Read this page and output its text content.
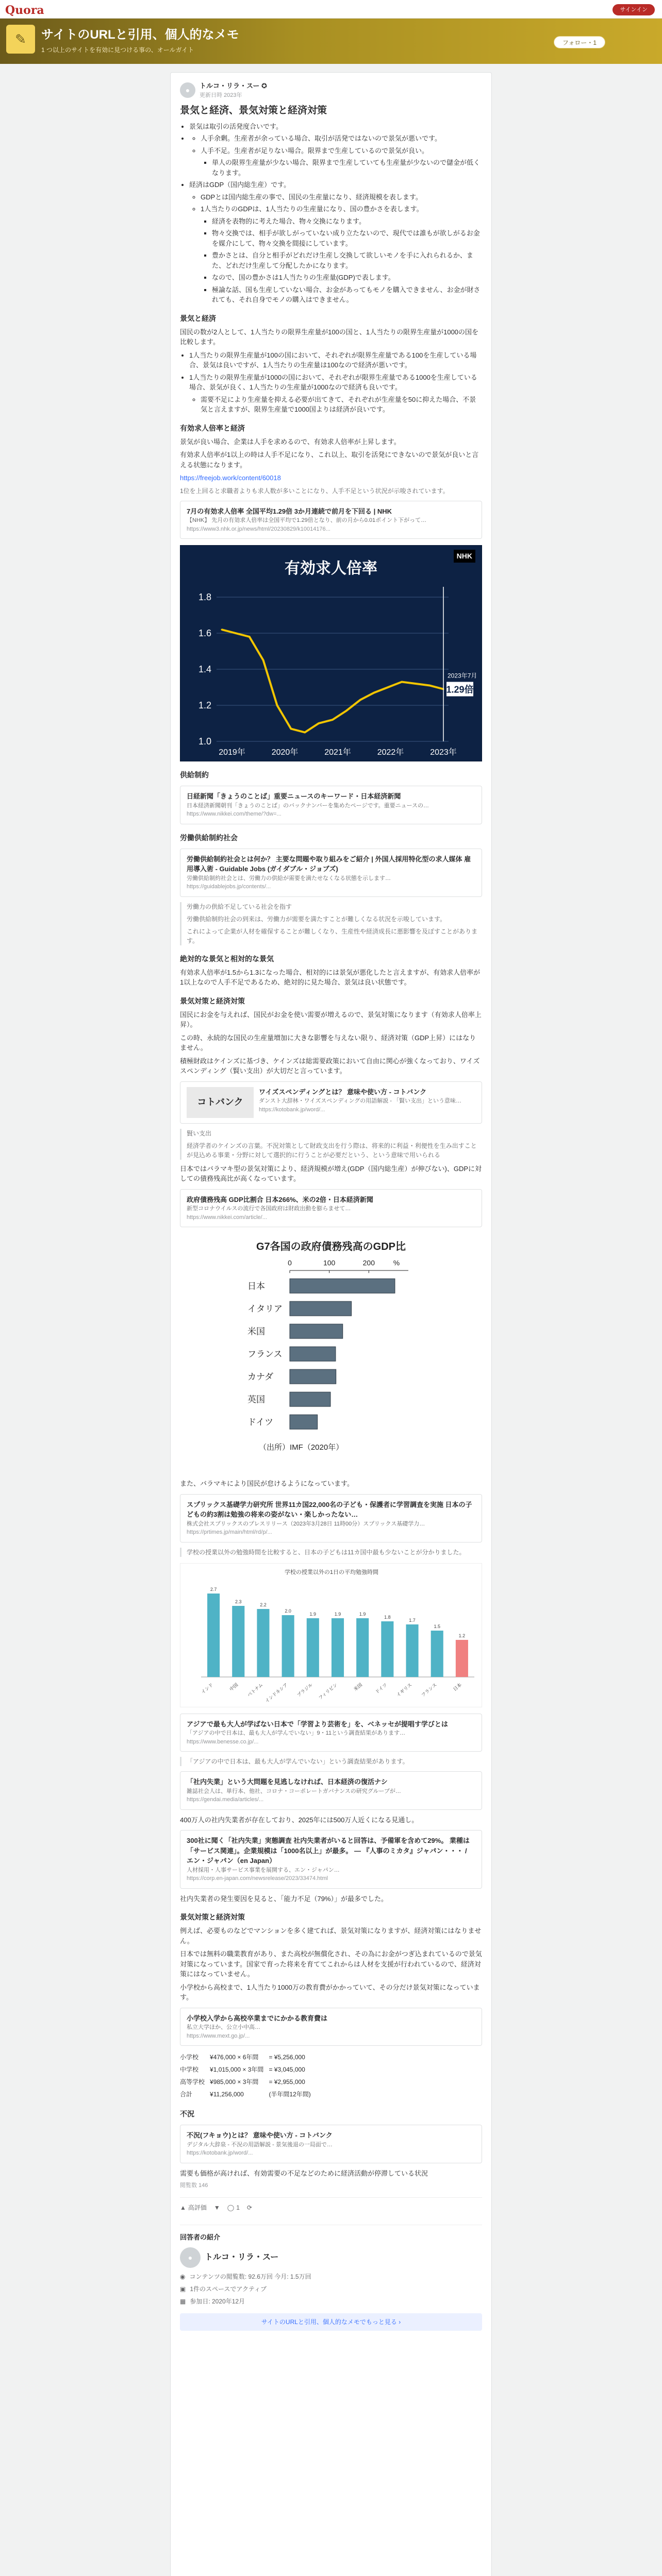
Quora	サインイン
✎	サイトのURLと引用、個人的なメモ
1 つ以上のサイトを有効に見つける事の、オールガイト
フォロー・1
●	トルコ・リラ・スー ✪
更新日時 2023年
景気と経済、景気対策と経済対策
• 景気は取引の活発度合いです。
◦ • 人手余剰。生産者が余っている場合、取引が活発ではないので景気が悪いです。
◦ 人手不足。生産者が足りない場合。限界まで生産しているので景気が良い。
▪ 単人の限界生産量が少ない場合、限界まで生産していても生産量が少ないので儲金が低くなります。
• 経済はGDP（国内総生産）です。
◦ GDPとは国内総生産の事で、国民の生産量になり、経済規模を表します。
◦ 1人当たりのGDPは、1人当たりの生産量になり、国の豊かさを表します。
▪ 経済を表物的に考えた場合、物々交換になります。
▪ 物々交換では、相手が欲しがっていない成り立たないので、現代では誰もが欲しがるお金を媒介にして、物々交換を間接にしています。
▪ 豊かさとは、自分と相手がどれだけ生産し交換して欲しいモノを手に入れられるか、また、どれだけ生産して分配したかになります。
▪ なので、国の豊かさは1人当たりの生産量(GDP)で表します。
▪ 極論な話、国も生産していない場合、お金があってもモノを購入できません、お金が財されても、それ自身でモノの購入はできません。
景気と経済

国民の数が2人として、1人当たりの限界生産量が100の国と、1人当たりの限界生産量が1000の国を比較します。

• 1人当たりの限界生産量が100の国において、それぞれが限界生産量である100を生産している場合、景気は良いですが、1人当たりの生産量は100なので経済が悪いです。
• 1人当たりの限界生産量が1000の国において、それぞれが限界生産量である1000を生産している場合、景気が良く、1人当たりの生産量が1000なので経済も良いです。
◦ 需要不足により生産量を抑える必要が出てきて、それぞれが生産量を50に抑えた場合、不景気と言えますが、限界生産量で1000国よりは経済が良いです。
有効求人倍率と経済

景気が良い場合、企業は人手を求めるので、有効求人倍率が上昇します。

有効求人倍率が1以上の時は人手不足になり、これ以上、取引を活発にできないので景気が良いと言える状態になります。

https://freejob.work/content/60018

1位を上回ると求職者よりも求人数が多いことになり、人手不足という状況が示唆されています。

7月の有効求人倍率 全国平均1.29倍 3か月連続で前月を下回る | NHK
【NHK】 先月の有効求人倍率は全国平均で1.29倍となり、前の月から0.01ポイント下がって…
https://www3.nhk.or.jp/news/html/20230829/k10014176...
有効求人倍率
NHK
1.0
1.2
1.4
1.6
1.8
2019年	2020年	2021年	2022年	2023年
2023年7月
1.29倍
供給制約
日経新聞「きょうのことば」重要ニュースのキーワード・日本経済新聞
日本経済新聞朝刊「きょうのことば」のバックナンバーを集めたページです。重要ニュースの…
https://www.nikkei.com/theme/?dw=...
労働供給制約社会
労働供給制約社会とは何か？ 主要な問題や取り組みをご紹介 | 外国人採用特化型の求人媒体 雇用導入術 - Guidable Jobs (ガイダブル・ジョブズ)
労働供給制約社会とは、労働力の供給が需要を満たせなくなる状態を示します…
https://guidablejobs.jp/contents/...

労働力の供給不足している社会を指す

労働供給制約社会の到来は、労働力が需要を満たすことが難しくなる状況を示唆しています。

これによって企業が人材を確保することが難しくなり、生産性や経済成長に悪影響を及ぼすことがあります。

絶対的な景気と相対的な景気

有効求人倍率が1.5から1.3になった場合、相対的には景気が悪化したと言えますが、有効求人倍率が1以上なので人手不足であるため、絶対的に見た場合、景気は良い状態です。

景気対策と経済対策

国民にお金を与えれば、国民がお金を使い需要が増えるので、景気対策になります（有効求人倍率上昇）。

この時、永続的な国民の生産量増加に大きな影響を与えない限り、経済対策（GDP上昇）にはなりません。

積極財政はケインズに基づき、ケインズは総需要政策において自由に関心が強くなっており、ワイズスペンディング（賢い支出）が大切だと言っています。

コトバンク
ワイズスペンディングとは？ 意味や使い方 - コトバンク
ダンスト大辞林・ワイズスペンディングの用語解説 - 「賢い支出」という意味…
https://kotobank.jp/word/...

賢い支出

経済学者のケインズの言葉。不況対策として財政支出を行う際は、将来的に利益・利便性を生み出すことが見込める事業・分野に対して選択的に行うことが必要だという、という意味で用いられる

日本ではバラマキ型の景気対策により、経済規模が増え(GDP（国内総生産）が伸びない)、GDPに対しての債務残高比が高くなっています。

政府債務残高 GDP比割合 日本266%、米の2倍・日本経済新聞
新型コロナウイルスの流行で各国政府は財政出動を膨らませて…
https://www.nikkei.com/article/...
G7各国の政府債務残高のGDP比
0	100	200	%
日本
イタリア
米国
フランス
カナダ
英国
ドイツ
（出所）IMF（2020年）

また、バラマキにより国民が怠けるようになっています。

スプリックス基礎学力研究所 世界11カ国22,000名の子ども・保護者に学習調査を実施 日本の子どもの約3割は勉強の将来の姿がない・楽しかったない…
株式会社スプリックスのプレスリリース（2023年3月28日 11時00分）スプリックス基礎学力…
https://prtimes.jp/main/html/rd/p/...

学校の授業以外の勉強時間を比較すると、日本の子どもは11カ国中最も少ないことが分かりました。

学校の授業以外の1日の平均勉強時間
2.7
インド
2.3
中国
2.2
ベトナム
2.0
インドネシア
1.9
ブラジル
1.9
フィリピン
1.9
米国
1.8
ドイツ
1.7
イギリス
1.5
フランス
1.2
日本
アジアで最も大人が学ばない日本で「学習より芸術を」を、ベネッセが提唱す学びとは
「アジアの中で日本は、最も大人が学んでいない」9・11という調査結果があります…
https://www.benesse.co.jp/...

「アジアの中で日本は、最も大人が学んでいない」という調査結果があります。

「社内失業」という大問題を見逃しなければ、日本経済の復活ナシ
雑誌社会人は、単行本、他社、コロナ・コーポレートガバナンスの研究グループが…
https://gendai.media/articles/...

400万人の社内失業者が存在しており、2025年には500万人近くになる見通し。

300社に聞く「社内失業」実態調査 社内失業者がいると回答は、予備軍を含めて29%。 業種は「サービス関連」。企業規模は「1000名以上」が最多。 — 『人事のミカタ』ジャパン・・・ / エン・ジャパン（en Japan）
人材採用・人事サービス事業を展開する、エン・ジャパン…
https://corp.en-japan.com/newsrelease/2023/33474.html

社内失業者の発生要因を見ると、「能力不足（79%）」が最多でした。

景気対策と経済対策

例えば、必要ものなどでマンションを多く建てれば、景気対策になりますが、経済対策にはなりません。

日本では無料の職業教育があり、また高校が無償化され、その為にお金がつぎ込まれているので景気対策になっています。国家で育った将来を育ててこれからは人材を支援が行われているので、経済対策にはなっていません。

小学校から高校まで、1人当たり1000万の教育費がかかっていて、その分だけ景気対策になっています。

小学校入学から高校卒業までにかかる教育費は
私立大学ほか、公立小中高…
https://www.mext.go.jp/...
小学校	¥476,000 × 6年間	= ¥5,256,000
中学校	¥1,015,000 × 3年間	= ¥3,045,000
高等学校	¥985,000 × 3年間	= ¥2,955,000
合計	¥11,256,000	(半年間12年間)
不況
不況(フキョウ)とは？ 意味や使い方 - コトバンク
デジタル大辞泉 - 不況の用語解説 - 景気後退の一局面で…
https://kotobank.jp/word/...

需要も価格が高ければ、有効需要の不足などのために経済活動が停滞している状況

閲覧数 146

▲ 高評価 ▼ ◯ 1 ⟳
回答者の紹介
●	トルコ・リラ・スー
◉ コンテンツの閲覧数: 92.6万回 今月: 1.5万回
▣ 1件のスペースでアクティブ
▦ 参加日: 2020年12月
サイトのURLと引用、個人的なメモでもっと見る ›
